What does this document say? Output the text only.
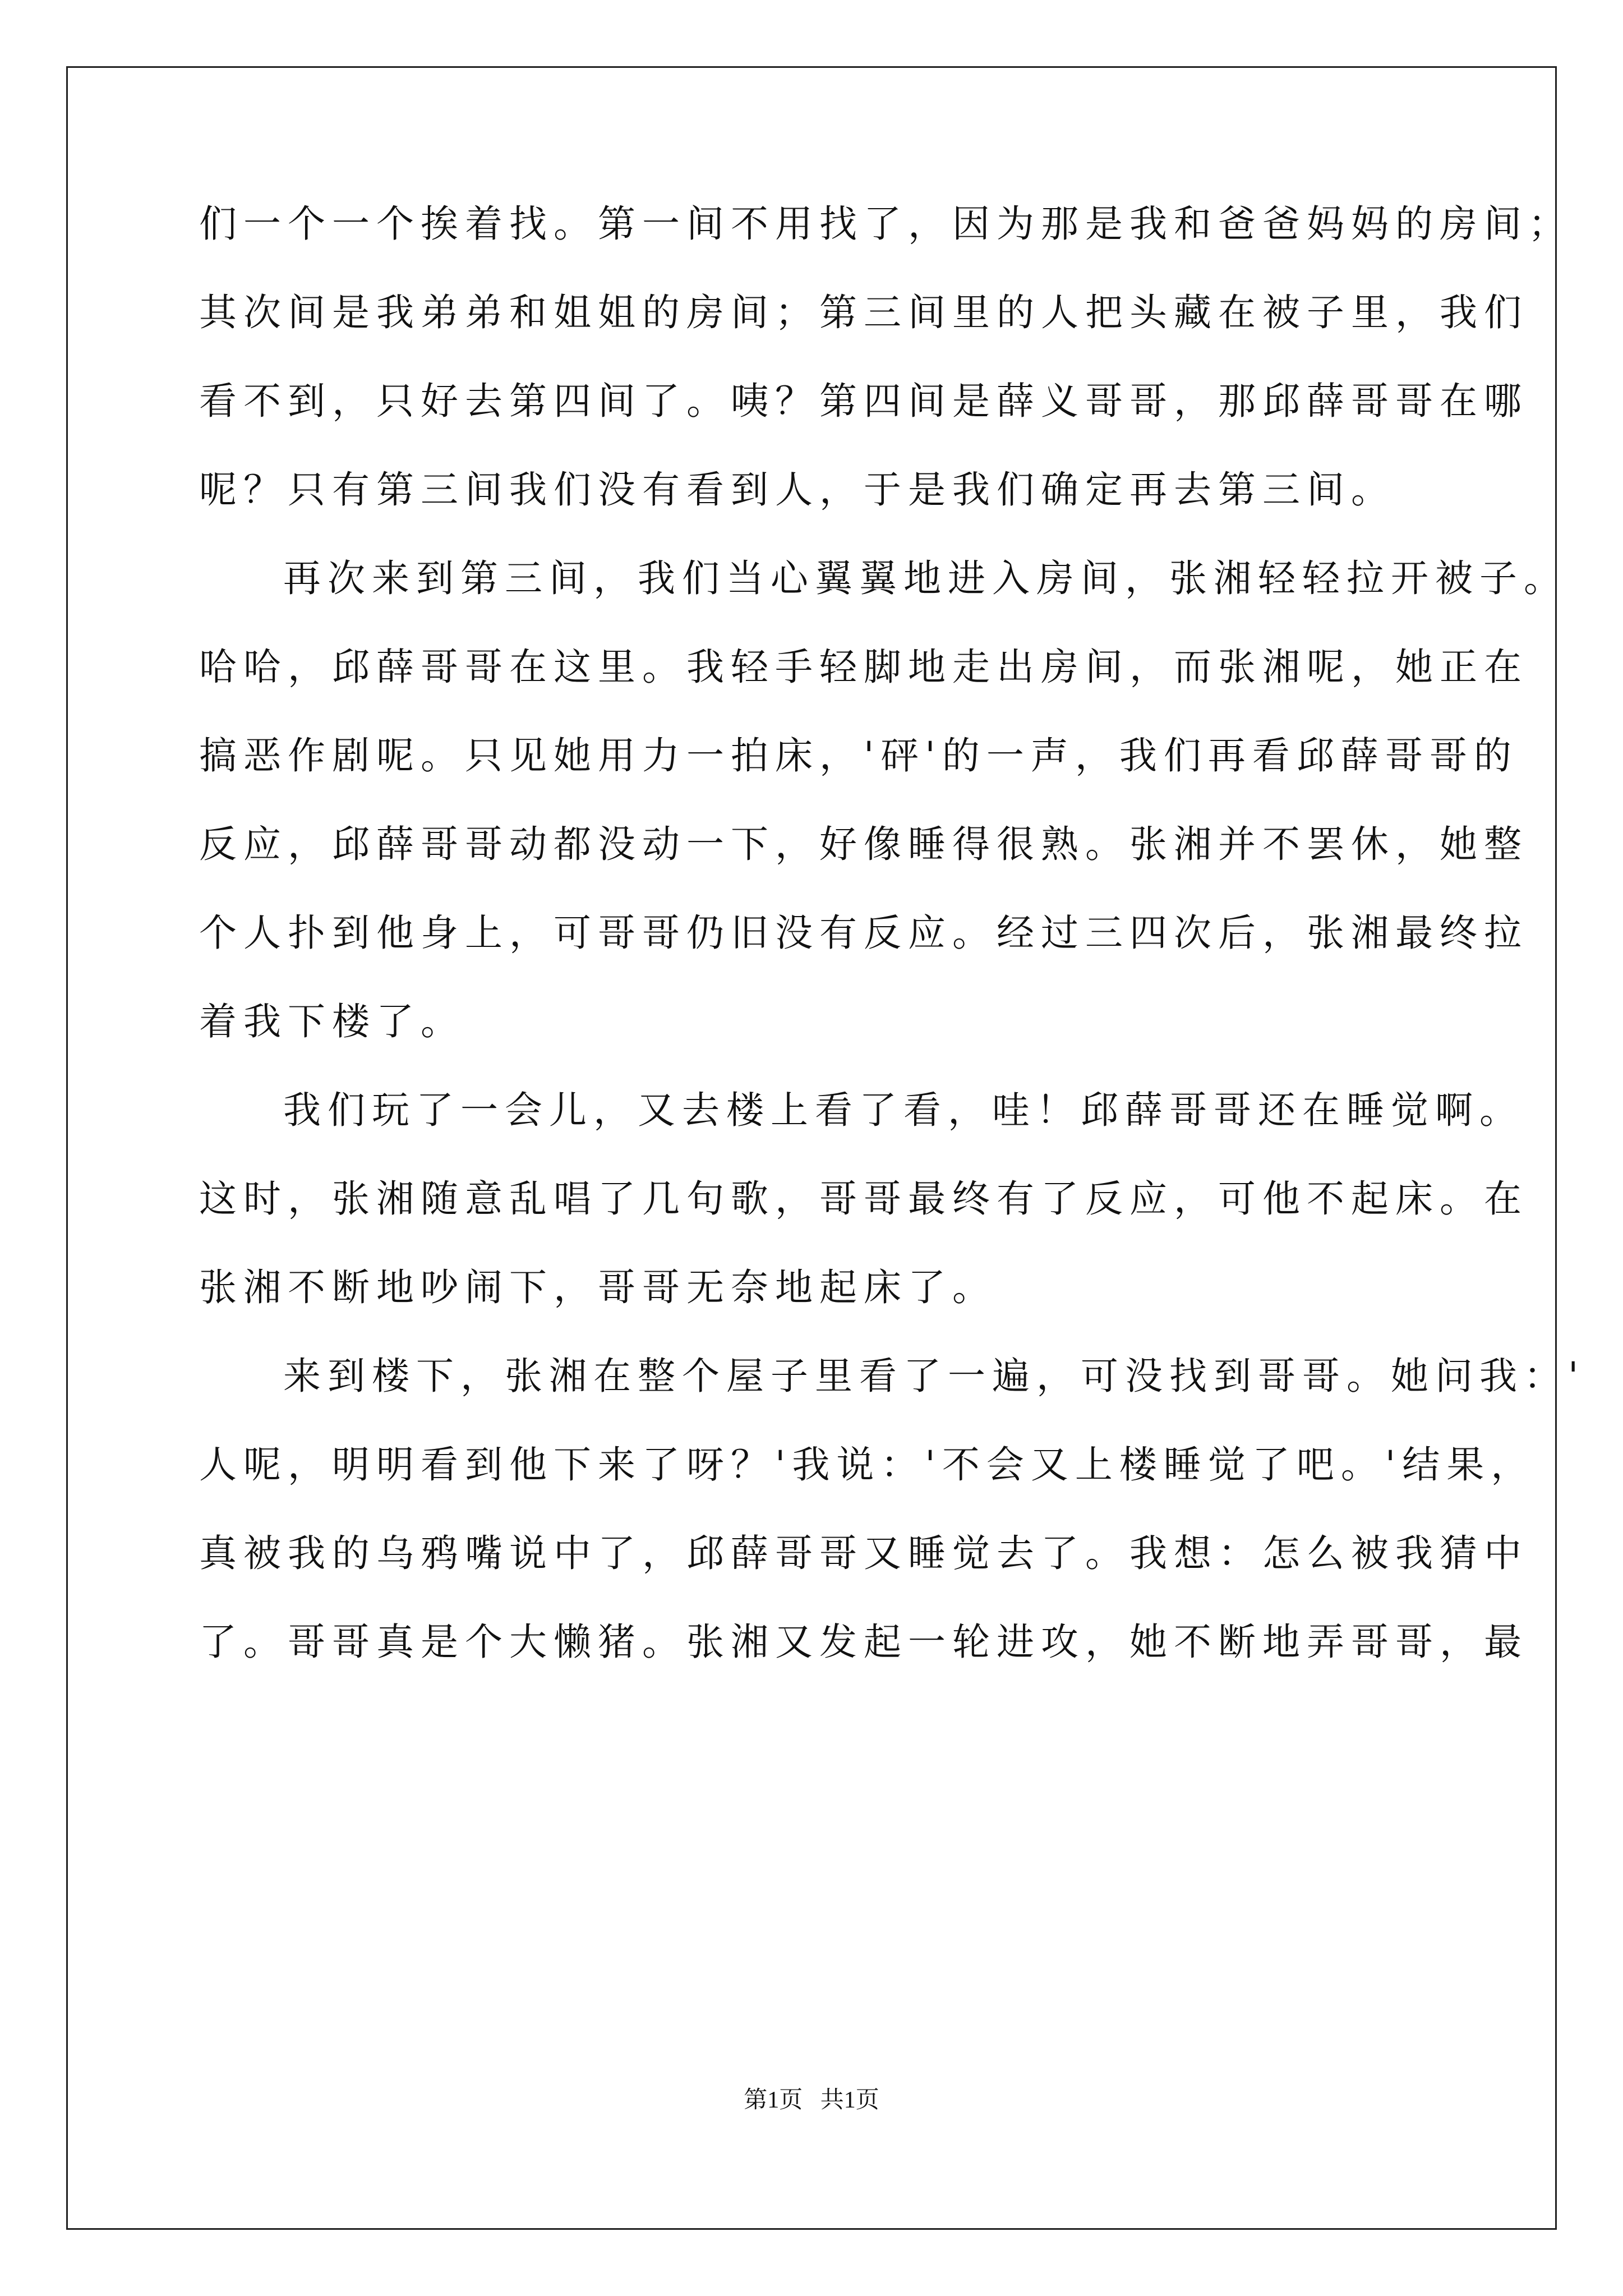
们一个一个挨着找。第一间不用找了，因为那是我和爸爸妈妈的房间；
其次间是我弟弟和姐姐的房间；第三间里的人把头藏在被子里，我们
看不到，只好去第四间了。咦？第四间是薛义哥哥，那邱薛哥哥在哪
呢？只有第三间我们没有看到人，于是我们确定再去第三间。
再次来到第三间，我们当心翼翼地进入房间，张湘轻轻拉开被子。
哈哈，邱薛哥哥在这里。我轻手轻脚地走出房间，而张湘呢，她正在
搞恶作剧呢。只见她用力一拍床，'砰'的一声，我们再看邱薛哥哥的
反应，邱薛哥哥动都没动一下，好像睡得很熟。张湘并不罢休，她整
个人扑到他身上，可哥哥仍旧没有反应。经过三四次后，张湘最终拉
着我下楼了。
我们玩了一会儿，又去楼上看了看，哇！邱薛哥哥还在睡觉啊。
这时，张湘随意乱唱了几句歌，哥哥最终有了反应，可他不起床。在
张湘不断地吵闹下，哥哥无奈地起床了。
来到楼下，张湘在整个屋子里看了一遍，可没找到哥哥。她问我：'
人呢，明明看到他下来了呀？'我说：'不会又上楼睡觉了吧。'结果，
真被我的乌鸦嘴说中了，邱薛哥哥又睡觉去了。我想：怎么被我猜中
了。哥哥真是个大懒猪。张湘又发起一轮进攻，她不断地弄哥哥，最
第1页   共1页
